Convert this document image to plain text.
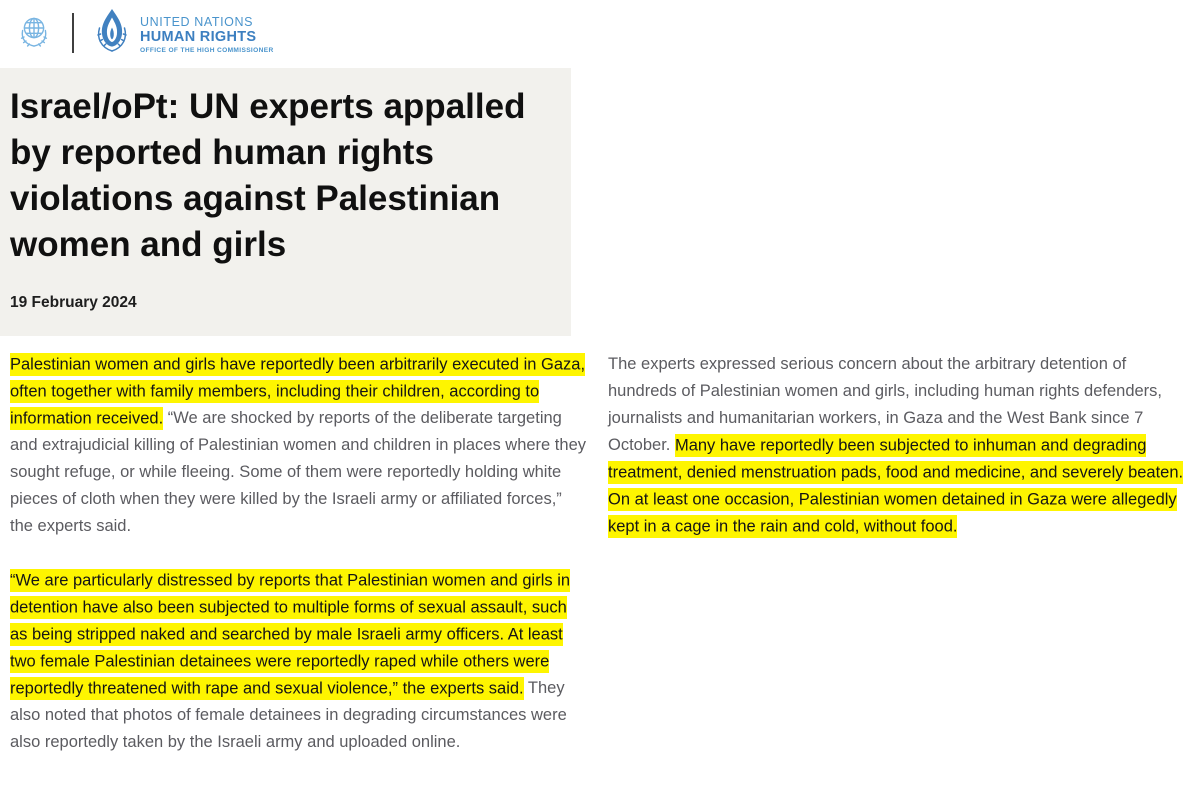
UNITED NATIONS
HUMAN RIGHTS
OFFICE OF THE HIGH COMMISSIONER
Israel/oPt: UN experts appalled by reported human rights violations against Palestinian women and girls
19 February 2024

Palestinian women and girls have reportedly been arbitrarily executed in Gaza, often together with family members, including their children, according to information received. “We are shocked by reports of the deliberate targeting and extrajudicial killing of Palestinian women and children in places where they sought refuge, or while fleeing. Some of them were reportedly holding white pieces of cloth when they were killed by the Israeli army or affiliated forces,” the experts said.

“We are particularly distressed by reports that Palestinian women and girls in detention have also been subjected to multiple forms of sexual assault, such as being stripped naked and searched by male Israeli army officers. At least two female Palestinian detainees were reportedly raped while others were reportedly threatened with rape and sexual violence,” the experts said. They also noted that photos of female detainees in degrading circumstances were also reportedly taken by the Israeli army and uploaded online.

The experts expressed serious concern about the arbitrary detention of hundreds of Palestinian women and girls, including human rights defenders, journalists and humanitarian workers, in Gaza and the West Bank since 7 October. Many have reportedly been subjected to inhuman and degrading treatment, denied menstruation pads, food and medicine, and severely beaten. On at least one occasion, Palestinian women detained in Gaza were allegedly kept in a cage in the rain and cold, without food.
